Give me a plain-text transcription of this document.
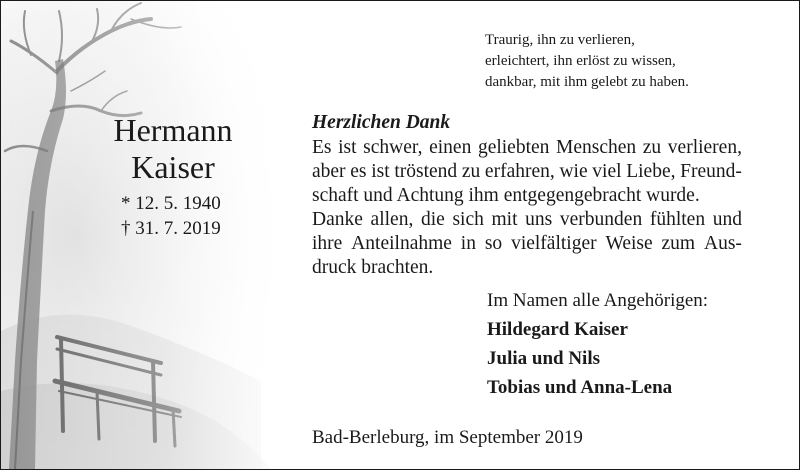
Hermann
Kaiser
* 12. 5. 1940
† 31. 7. 2019
Traurig, ihn zu verlieren,
erleichtert, ihn erlöst zu wissen,
dankbar, mit ihm gelebt zu haben.
Herzlichen Dank
Es ist schwer, einen geliebten Menschen zu verlieren,
aber es ist tröstend zu erfahren, wie viel Liebe, Freund-
schaft und Achtung ihm entgegengebracht wurde.
Danke allen, die sich mit uns verbunden fühlten und
ihre Anteilnahme in so vielfältiger Weise zum Aus-
druck brachten.
Im Namen alle Angehörigen:
Hildegard Kaiser
Julia und Nils
Tobias und Anna-Lena
Bad-Berleburg, im September 2019
